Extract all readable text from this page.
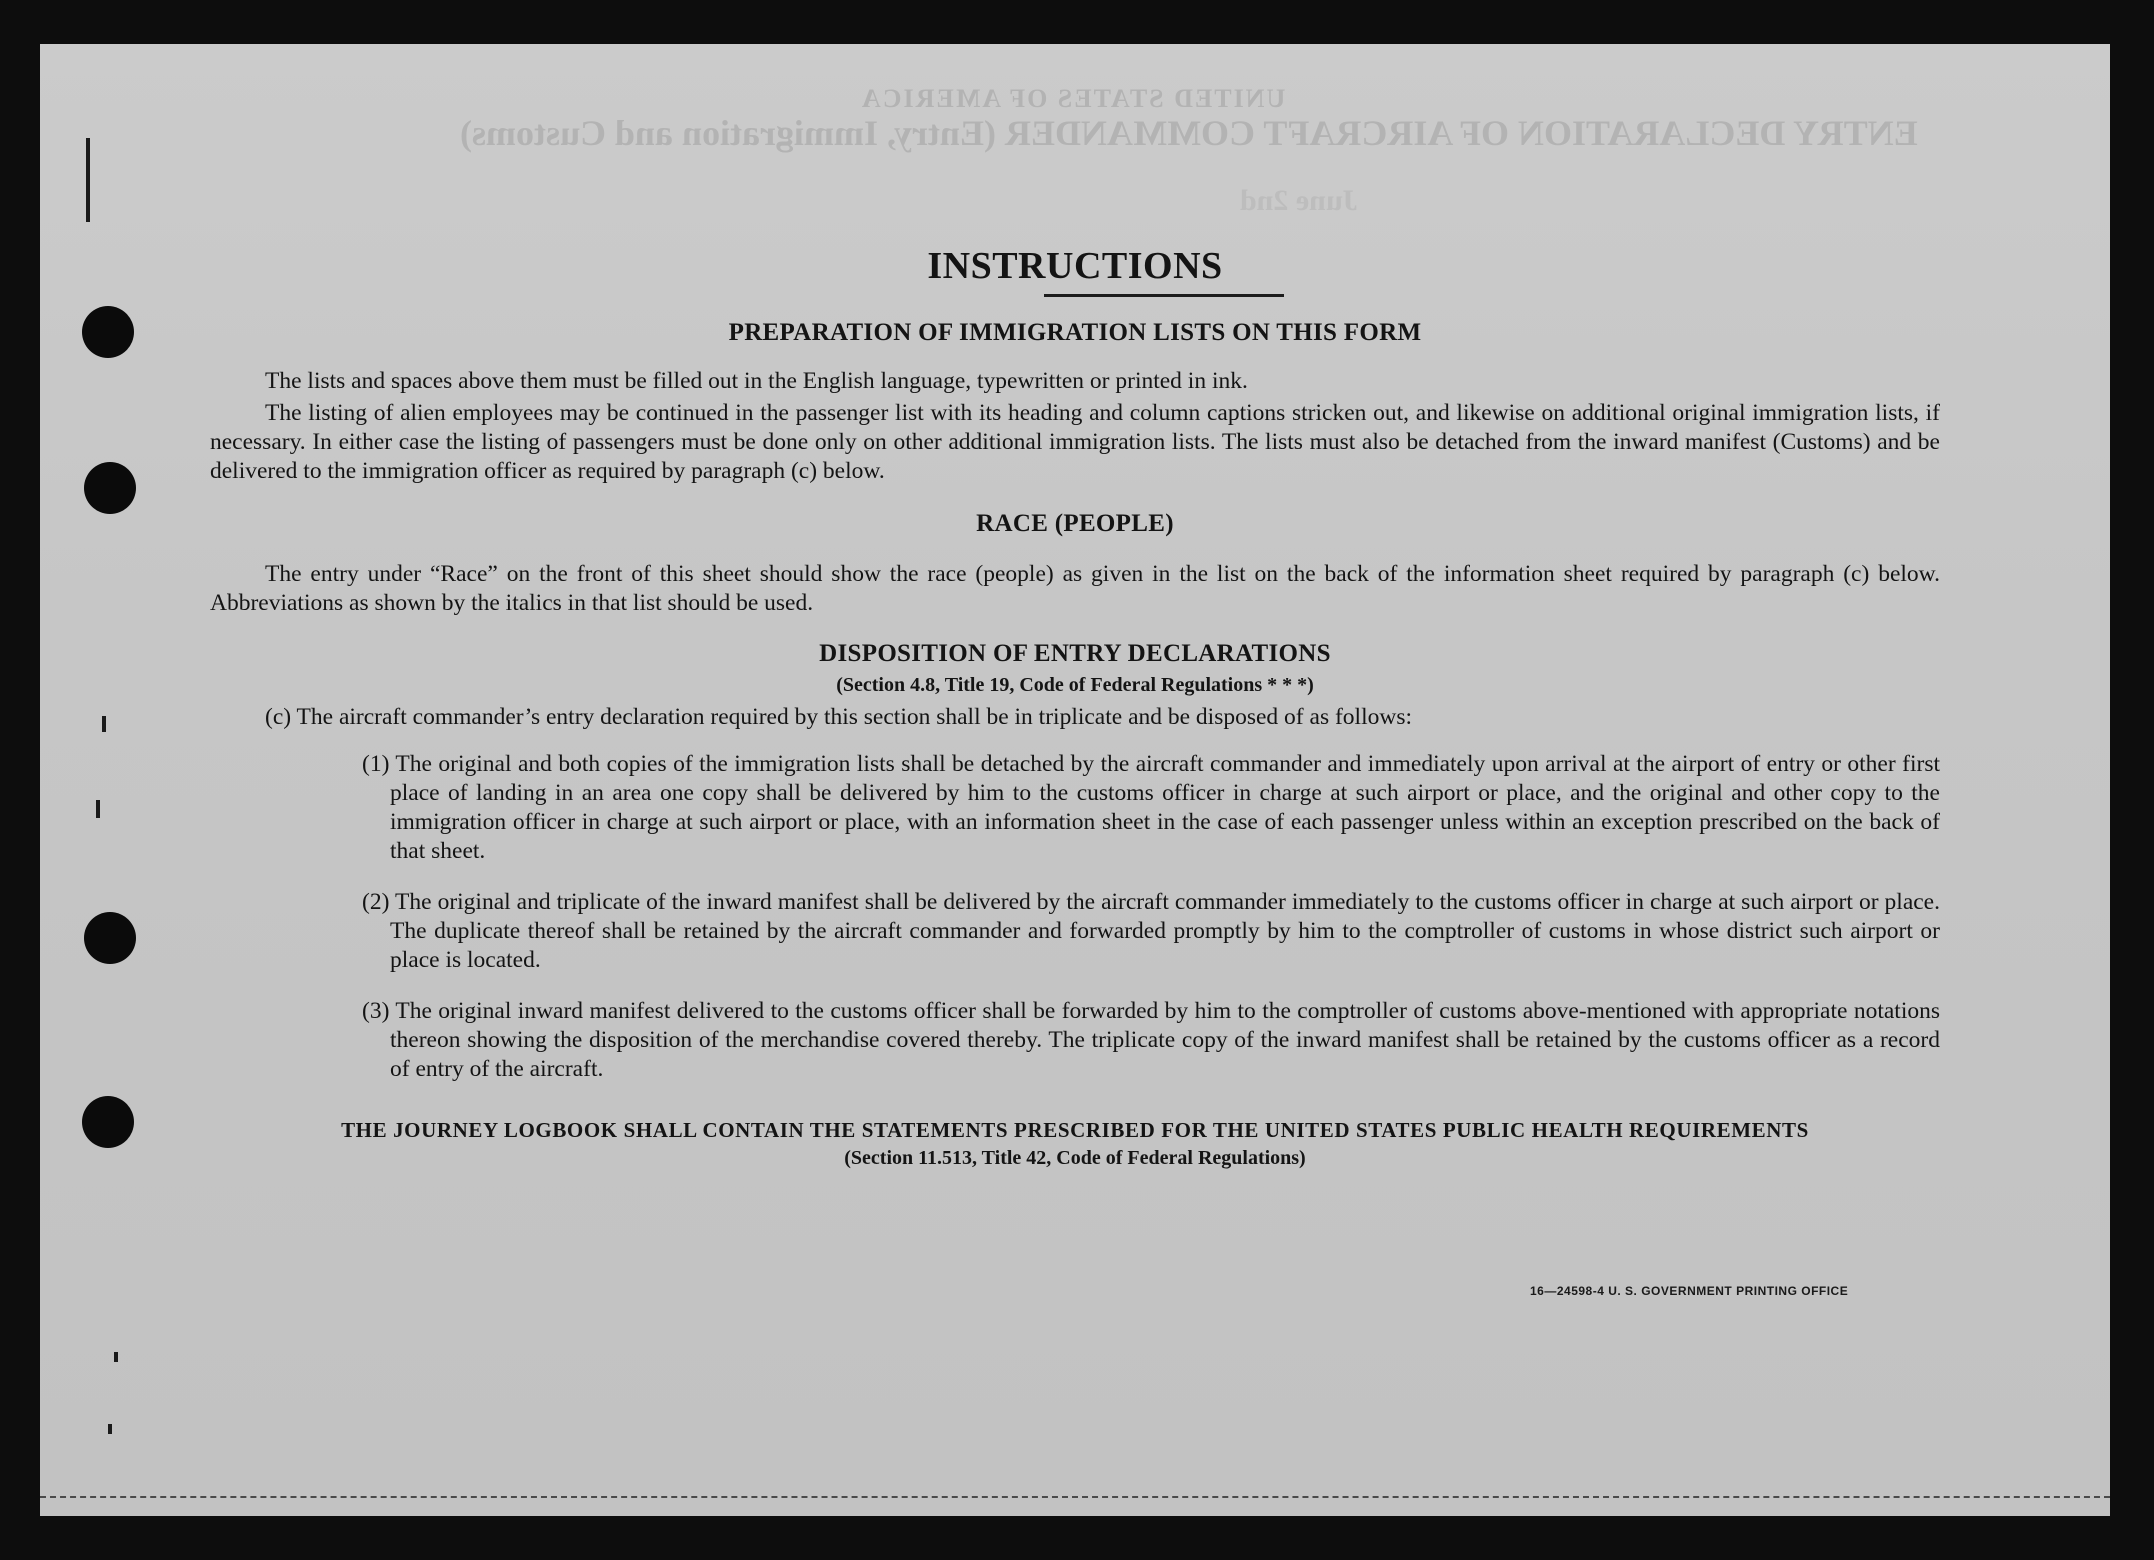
UNITED STATES OF AMERICA
ENTRY DECLARATION OF AIRCRAFT COMMANDER (Entry, Immigration and Customs)
June 2nd
INSTRUCTIONS
PREPARATION OF IMMIGRATION LISTS ON THIS FORM

The lists and spaces above them must be filled out in the English language, typewritten or printed in ink.

The listing of alien employees may be continued in the passenger list with its heading and column captions stricken out, and likewise on additional original immigration lists, if necessary. In either case the listing of passengers must be done only on other additional immigration lists. The lists must also be detached from the inward manifest (Customs) and be delivered to the immigration officer as required by paragraph (c) below.

RACE (PEOPLE)

The entry under “Race” on the front of this sheet should show the race (people) as given in the list on the back of the information sheet required by paragraph (c) below. Abbreviations as shown by the italics in that list should be used.

DISPOSITION OF ENTRY DECLARATIONS
(Section 4.8, Title 19, Code of Federal Regulations * * *)

(c) The aircraft commander’s entry declaration required by this section shall be in triplicate and be disposed of as follows:

(1) The original and both copies of the immigration lists shall be detached by the aircraft commander and immediately upon arrival at the airport of entry or other first place of landing in an area one copy shall be delivered by him to the customs officer in charge at such airport or place, and the original and other copy to the immigration officer in charge at such airport or place, with an information sheet in the case of each passenger unless within an exception prescribed on the back of that sheet.

(2) The original and triplicate of the inward manifest shall be delivered by the aircraft commander immediately to the customs officer in charge at such airport or place. The duplicate thereof shall be retained by the aircraft commander and forwarded promptly by him to the comptroller of customs in whose district such airport or place is located.

(3) The original inward manifest delivered to the customs officer shall be forwarded by him to the comptroller of customs above-mentioned with appropriate notations thereon showing the disposition of the merchandise covered thereby. The triplicate copy of the inward manifest shall be retained by the customs officer as a record of entry of the aircraft.

THE JOURNEY LOGBOOK SHALL CONTAIN THE STATEMENTS PRESCRIBED FOR THE UNITED STATES PUBLIC HEALTH REQUIREMENTS
(Section 11.513, Title 42, Code of Federal Regulations)
16—24598-4 U. S. GOVERNMENT PRINTING OFFICE
